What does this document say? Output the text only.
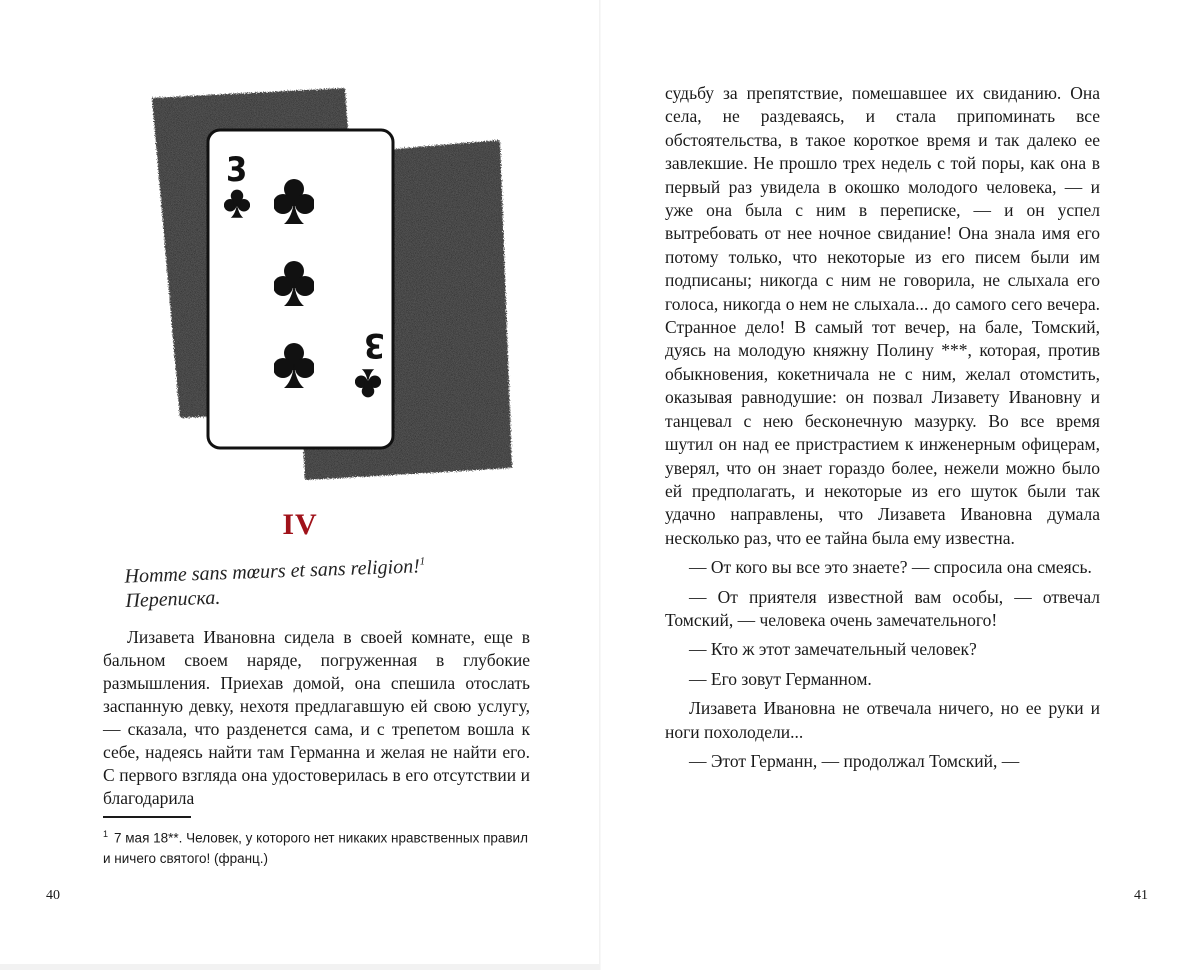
3
3
IV
Homme sans mœurs et sans religion!$^1$
Переписка.

Лизавета Ивановна сидела в своей комнате, еще в бальном своем наряде, погруженная в глубокие размышления. Приехав домой, она спешила отослать заспанную девку, нехотя предлагавшую ей свою услугу, — сказала, что разденется сама, и с трепетом вошла к себе, надеясь найти там Германна и желая не найти его. С первого взгляда она удостоверилась в его отсутствии и благодарила

$^1$ 7 мая 18**. Человек, у которого нет никаких нравственных правил и ничего святого! (франц.)
40

судьбу за препятствие, помешавшее их свиданию. Она села, не раздеваясь, и стала припоминать все обстоятельства, в такое короткое время и так далеко ее завлекшие. Не прошло трех недель с той поры, как она в первый раз увидела в окошко молодого человека, — и уже она была с ним в переписке, — и он успел вытребовать от нее ночное свидание! Она знала имя его потому только, что некоторые из его писем были им подписаны; никогда с ним не говорила, не слыхала его голоса, никогда о нем не слыхала... до самого сего вечера. Странное дело! В самый тот вечер, на бале, Томский, дуясь на молодую княжну Полину ***, которая, против обыкновения, кокетничала не с ним, желал отомстить, оказывая равнодушие: он позвал Лизавету Ивановну и танцевал с нею бесконечную мазурку. Во все время шутил он над ее пристрастием к инженерным офицерам, уверял, что он знает гораздо более, нежели можно было ей предполагать, и некоторые из его шуток были так удачно направлены, что Лизавета Ивановна думала несколько раз, что ее тайна была ему известна.

— От кого вы все это знаете? — спросила она смеясь.

— От приятеля известной вам особы, — отвечал Томский, — человека очень замечательного!

— Кто ж этот замечательный человек?

— Его зовут Германном.

Лизавета Ивановна не отвечала ничего, но ее руки и ноги похолодели...

— Этот Германн, — продолжал Томский, —

41
